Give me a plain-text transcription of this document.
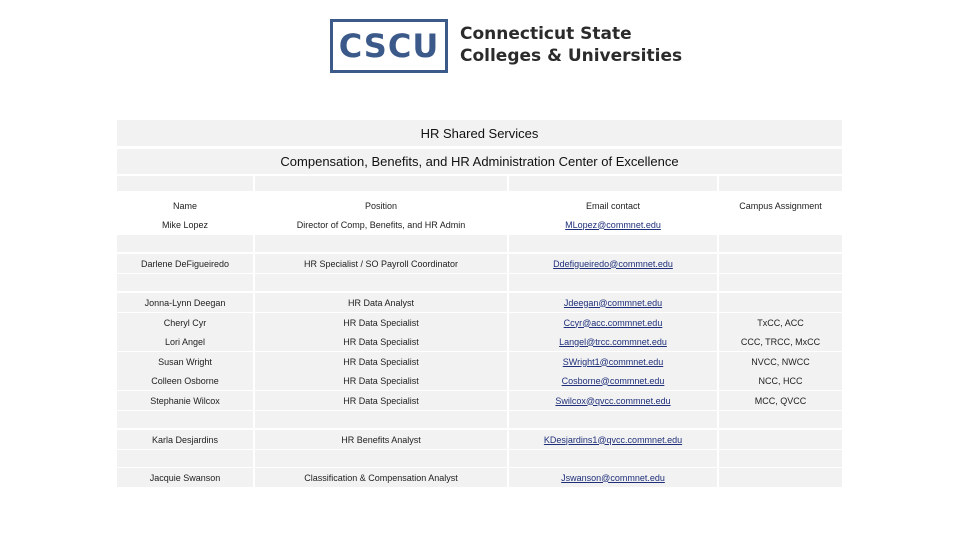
CSCU Connecticut State
Colleges & Universities
HR Shared Services
Compensation, Benefits, and HR Administration Center of Excellence
Name	Position	Email contact	Campus Assignment
Mike Lopez	Director of Comp, Benefits, and HR Admin	MLopez@commnet.edu
Darlene DeFigueiredo	HR Specialist / SO Payroll Coordinator	Ddefigueiredo@commnet.edu
Jonna-Lynn Deegan	HR Data Analyst	Jdeegan@commnet.edu
Cheryl Cyr	HR Data Specialist	Ccyr@acc.commnet.edu	TxCC, ACC
Lori Angel	HR Data Specialist	Langel@trcc.commnet.edu	CCC, TRCC, MxCC
Susan Wright	HR Data Specialist	SWright1@commnet.edu	NVCC, NWCC
Colleen Osborne	HR Data Specialist	Cosborne@commnet.edu	NCC, HCC
Stephanie Wilcox	HR Data Specialist	Swilcox@qvcc.commnet.edu	MCC, QVCC
Karla Desjardins	HR Benefits Analyst	KDesjardins1@qvcc.commnet.edu
Jacquie Swanson	Classification & Compensation Analyst	Jswanson@commnet.edu
